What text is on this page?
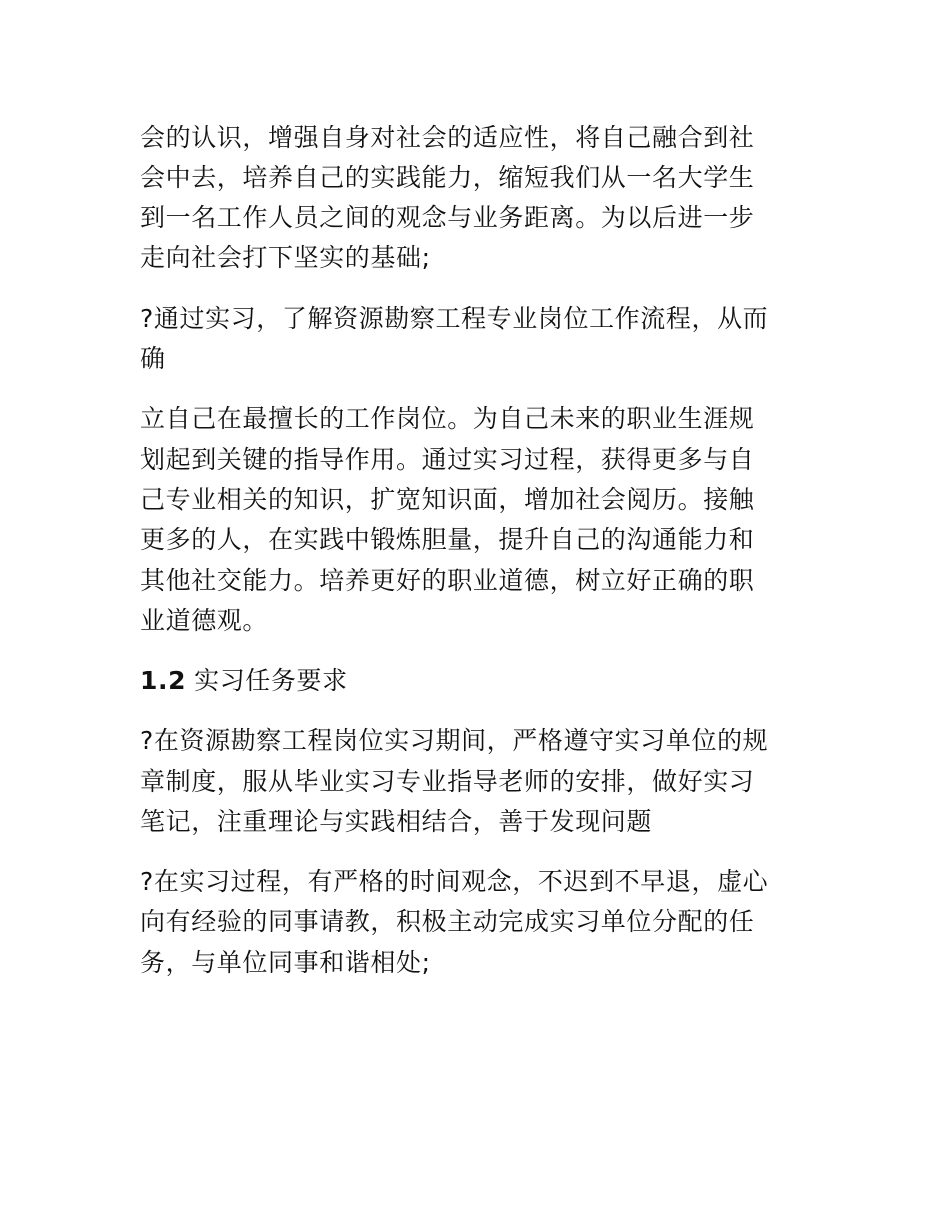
会的认识，增强自身对社会的适应性，将自己融合到社
会中去，培养自己的实践能力，缩短我们从一名大学生
到一名工作人员之间的观念与业务距离。为以后进一步
走向社会打下坚实的基础;
?通过实习，了解资源勘察工程专业岗位工作流程，从而
确
立自己在最擅长的工作岗位。为自己未来的职业生涯规
划起到关键的指导作用。通过实习过程，获得更多与自
己专业相关的知识，扩宽知识面，增加社会阅历。接触
更多的人，在实践中锻炼胆量，提升自己的沟通能力和
其他社交能力。培养更好的职业道德，树立好正确的职
业道德观。
1.2 实习任务要求
?在资源勘察工程岗位实习期间，严格遵守实习单位的规
章制度，服从毕业实习专业指导老师的安排，做好实习
笔记，注重理论与实践相结合，善于发现问题
?在实习过程，有严格的时间观念，不迟到不早退，虚心
向有经验的同事请教，积极主动完成实习单位分配的任
务，与单位同事和谐相处;
